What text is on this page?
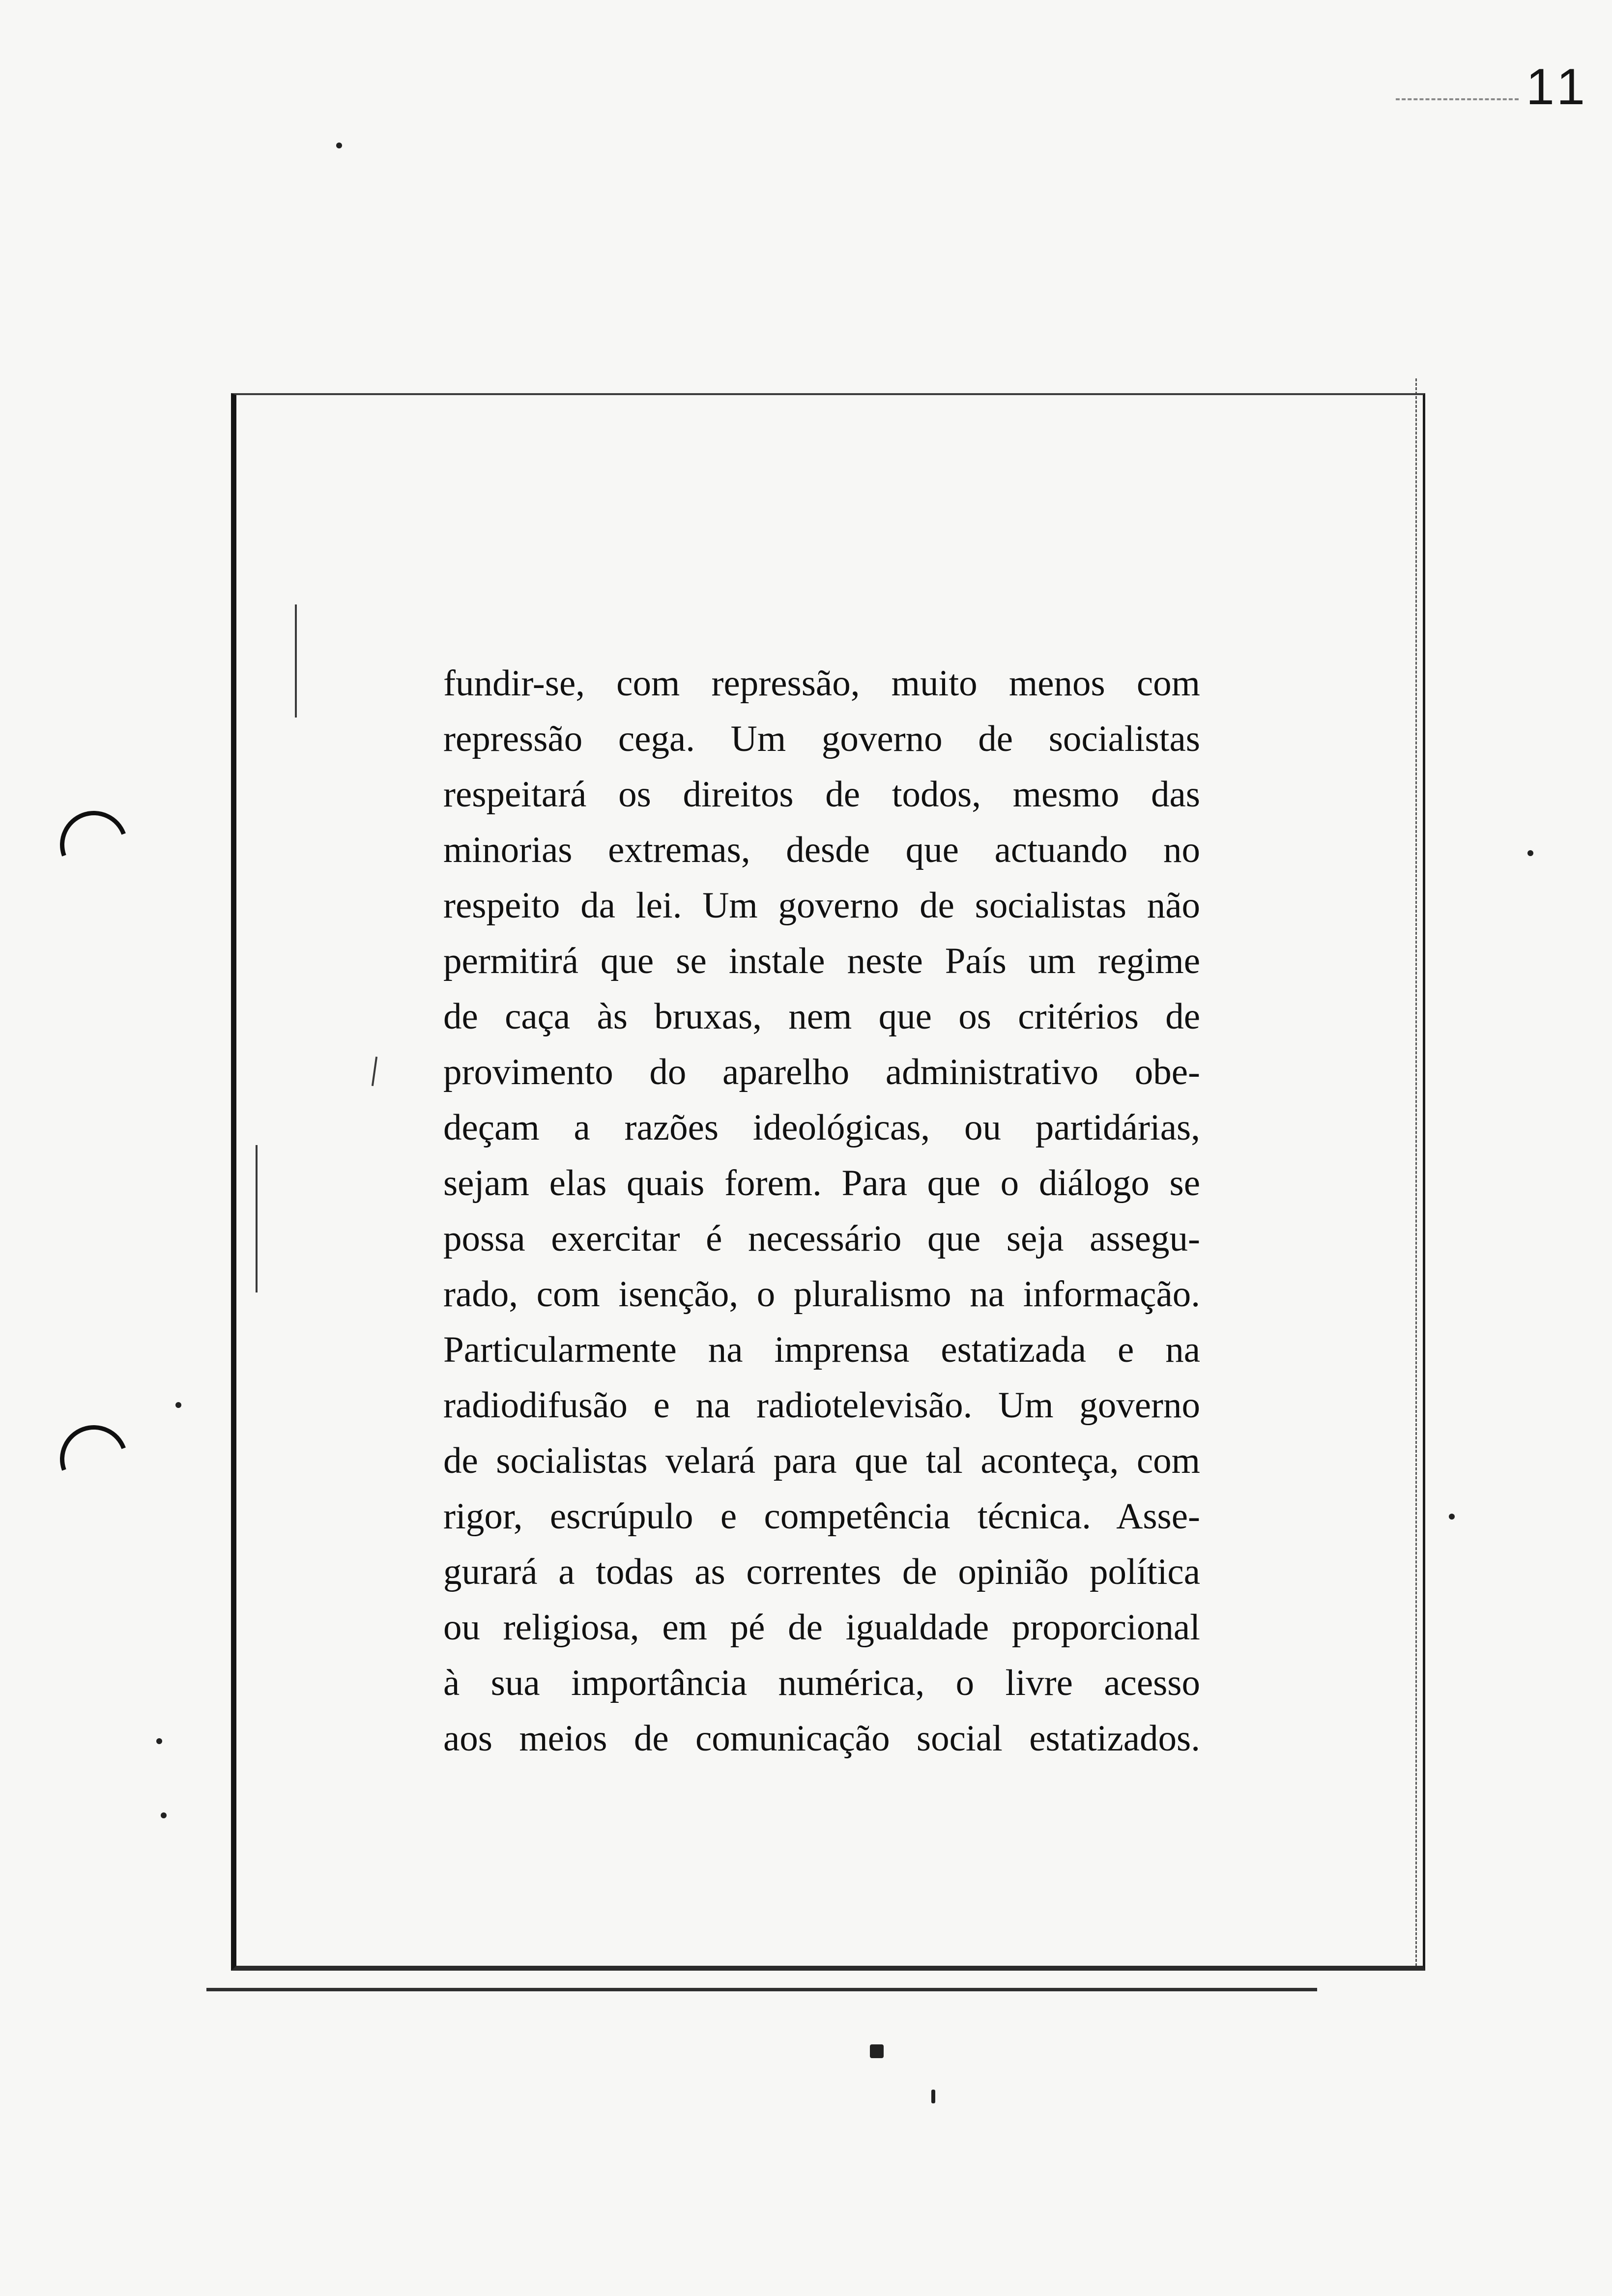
11
fundir-se, com repressão, muito menos com
repressão cega. Um governo de socialistas
respeitará os direitos de todos, mesmo das
minorias extremas, desde que actuando no
respeito da lei. Um governo de socialistas não
permitirá que se instale neste País um regime
de caça às bruxas, nem que os critérios de
provimento do aparelho administrativo obe-
deçam a razões ideológicas, ou partidárias,
sejam elas quais forem. Para que o diálogo se
possa exercitar é necessário que seja assegu-
rado, com isenção, o pluralismo na informação.
Particularmente na imprensa estatizada e na
radiodifusão e na radiotelevisão. Um governo
de socialistas velará para que tal aconteça, com
rigor, escrúpulo e competência técnica. Asse-
gurará a todas as correntes de opinião política
ou religiosa, em pé de igualdade proporcional
à sua importância numérica, o livre acesso
aos meios de comunicação social estatizados.
